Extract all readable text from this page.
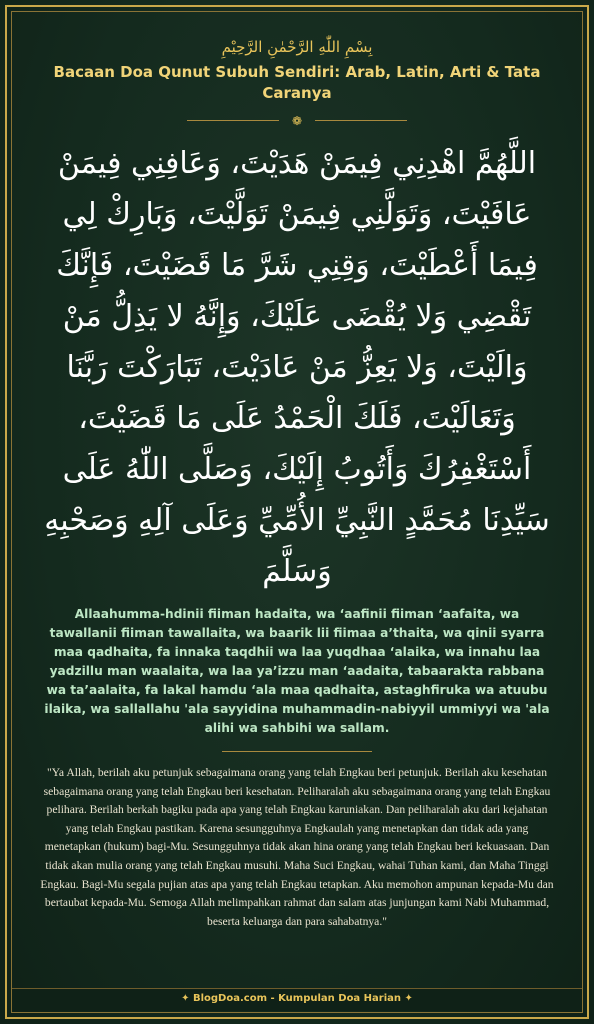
بِسْمِ اللّٰهِ الرَّحْمٰنِ الرَّحِيْمِ
Bacaan Doa Qunut Subuh Sendiri: Arab, Latin, Arti & Tata Caranya
❁
اللَّهُمَّ اهْدِنِي فِيمَنْ هَدَيْتَ، وَعَافِنِي فِيمَنْ عَافَيْتَ، وَتَوَلَّنِي فِيمَنْ تَوَلَّيْتَ، وَبَارِكْ لِي فِيمَا أَعْطَيْتَ، وَقِنِي شَرَّ مَا قَضَيْتَ، فَإِنَّكَ تَقْضِي وَلا يُقْضَى عَلَيْكَ، وَإِنَّهُ لا يَذِلُّ مَنْ وَالَيْتَ، وَلا يَعِزُّ مَنْ عَادَيْتَ، تَبَارَكْتَ رَبَّنَا وَتَعَالَيْتَ، فَلَكَ الْحَمْدُ عَلَى مَا قَضَيْتَ، أَسْتَغْفِرُكَ وَأَتُوبُ إِلَيْكَ، وَصَلَّى اللّٰهُ عَلَى سَيِّدِنَا مُحَمَّدٍ النَّبِيِّ الأُمِّيِّ وَعَلَى آلِهِ وَصَحْبِهِ وَسَلَّمَ
Allaahumma-hdinii fiiman hadaita, wa ‘aafinii fiiman ‘aafaita, wa tawallanii fiiman tawallaita, wa baarik lii fiimaa a’thaita, wa qinii syarra maa qadhaita, fa innaka taqdhii wa laa yuqdhaa ‘alaika, wa innahu laa yadzillu man waalaita, wa laa ya’izzu man ‘aadaita, tabaarakta rabbana wa ta’aalaita, fa lakal hamdu ‘ala maa qadhaita, astaghfiruka wa atuubu ilaika, wa sallallahu 'ala sayyidina muhammadin-nabiyyil ummiyyi wa 'ala alihi wa sahbihi wa sallam.
"Ya Allah, berilah aku petunjuk sebagaimana orang yang telah Engkau beri petunjuk. Berilah aku kesehatan sebagaimana orang yang telah Engkau beri kesehatan. Peliharalah aku sebagaimana orang yang telah Engkau pelihara. Berilah berkah bagiku pada apa yang telah Engkau karuniakan. Dan peliharalah aku dari kejahatan yang telah Engkau pastikan. Karena sesungguhnya Engkaulah yang menetapkan dan tidak ada yang menetapkan (hukum) bagi-Mu. Sesungguhnya tidak akan hina orang yang telah Engkau beri kekuasaan. Dan tidak akan mulia orang yang telah Engkau musuhi. Maha Suci Engkau, wahai Tuhan kami, dan Maha Tinggi Engkau. Bagi-Mu segala pujian atas apa yang telah Engkau tetapkan. Aku memohon ampunan kepada-Mu dan bertaubat kepada-Mu. Semoga Allah melimpahkan rahmat dan salam atas junjungan kami Nabi Muhammad, beserta keluarga dan para sahabatnya."
✦ BlogDoa.com - Kumpulan Doa Harian ✦
